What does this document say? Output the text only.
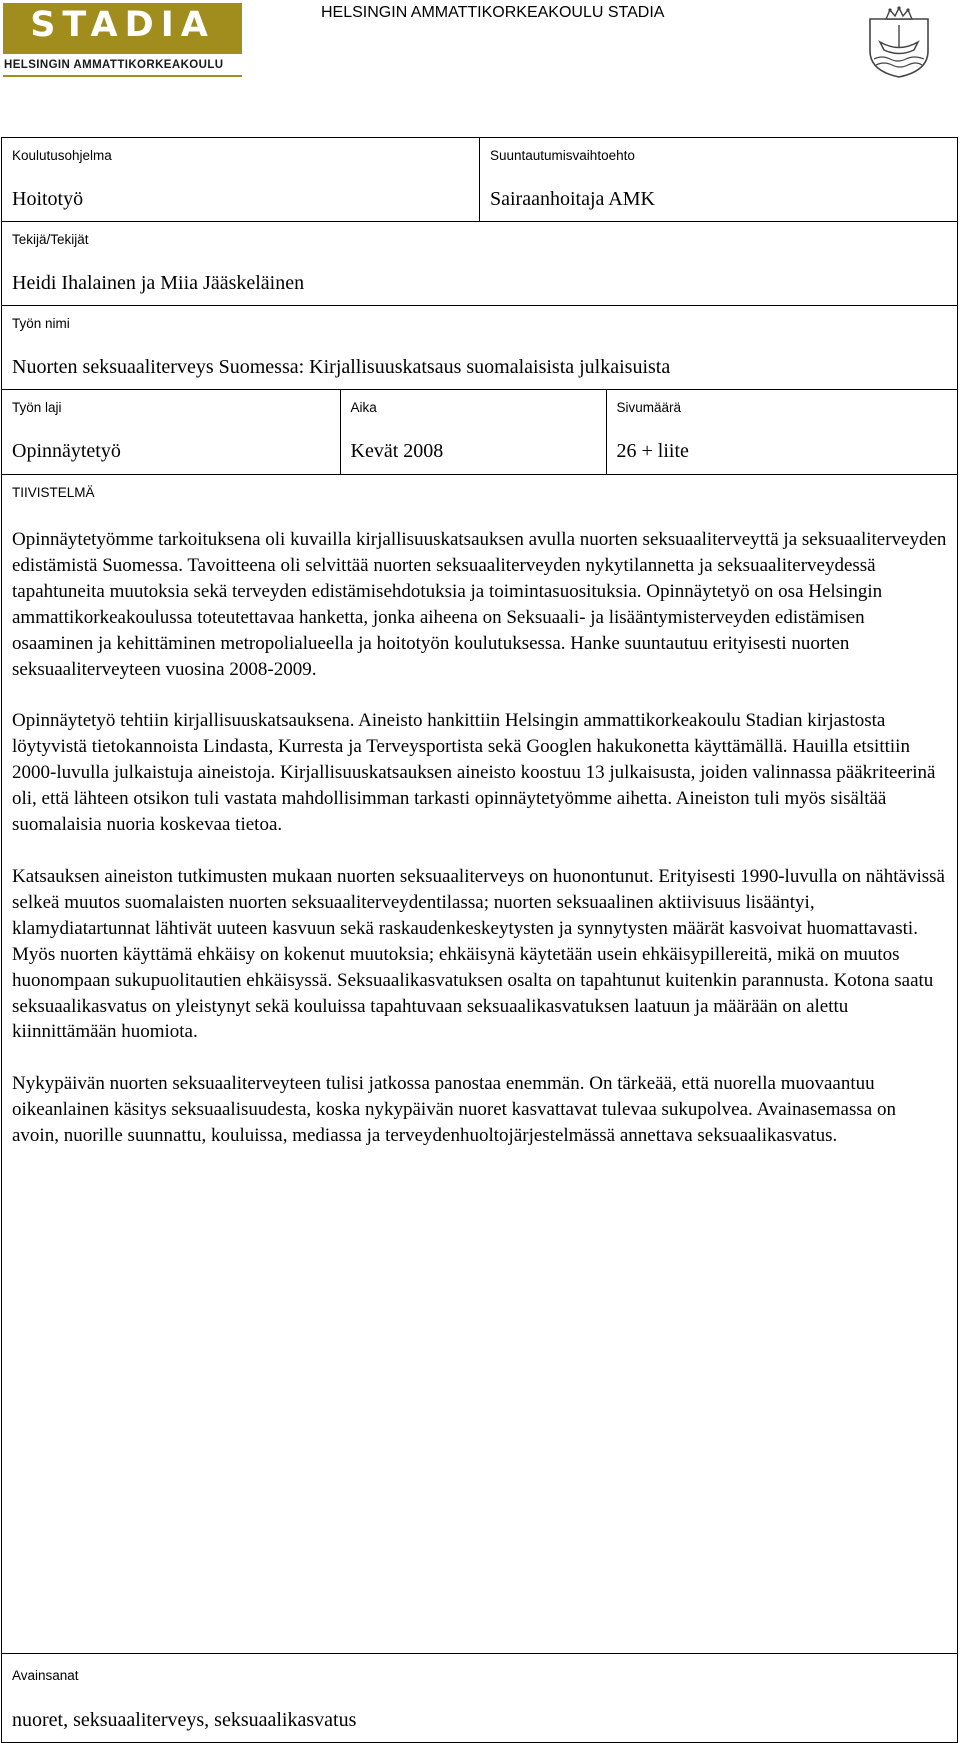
STADIA
HELSINGIN AMMATTIKORKEAKOULU
HELSINGIN AMMATTIKORKEAKOULU STADIA
Koulutusohjelma
Hoitotyö

Suuntautumisvaihtoehto
Sairaanhoitaja AMK

Tekijä/Tekijät
Heidi Ihalainen ja Miia Jääskeläinen

Työn nimi
Nuorten seksuaaliterveys Suomessa: Kirjallisuuskatsaus suomalaisista julkaisuista

Työn laji
Opinnäytetyö

Aika
Kevät 2008

Sivumäärä
26 + liite

TIIVISTELMÄ

Opinnäytetyömme tarkoituksena oli kuvailla kirjallisuuskatsauksen avulla nuorten seksuaaliterveyttä ja seksuaaliterveyden edistämistä Suomessa. Tavoitteena oli selvittää nuorten seksuaaliterveyden nykytilannetta ja seksuaaliterveydessä tapahtuneita muutoksia sekä terveyden edistämisehdotuksia ja toimintasuosituksia. Opinnäytetyö on osa Helsingin ammattikorkeakoulussa toteutettavaa hanketta, jonka aiheena on Seksuaali- ja lisääntymisterveyden edistämisen osaaminen ja kehittäminen metropolialueella ja hoitotyön koulutuksessa. Hanke suuntautuu erityisesti nuorten seksuaaliterveyteen vuosina 2008-2009.

Opinnäytetyö tehtiin kirjallisuuskatsauksena. Aineisto hankittiin Helsingin ammattikorkeakoulu Stadian kirjastosta löytyvistä tietokannoista Lindasta, Kurresta ja Terveysportista sekä Googlen hakukonetta käyttämällä. Hauilla etsittiin 2000-luvulla julkaistuja aineistoja. Kirjallisuuskatsauksen aineisto koostuu 13 julkaisusta, joiden valinnassa pääkriteerinä oli, että lähteen otsikon tuli vastata mahdollisimman tarkasti opinnäytetyömme aihetta. Aineiston tuli myös sisältää suomalaisia nuoria koskevaa tietoa.

Katsauksen aineiston tutkimusten mukaan nuorten seksuaaliterveys on huonontunut. Erityisesti 1990-luvulla on nähtävissä selkeä muutos suomalaisten nuorten seksuaaliterveydentilassa; nuorten seksuaalinen aktiivisuus lisääntyi, klamydiatartunnat lähtivät uuteen kasvuun sekä raskaudenkeskeytysten ja synnytysten määrät kasvoivat huomattavasti. Myös nuorten käyttämä ehkäisy on kokenut muutoksia; ehkäisynä käytetään usein ehkäisypillereitä, mikä on muutos huonompaan sukupuolitautien ehkäisyssä. Seksuaalikasvatuksen osalta on tapahtunut kuitenkin parannusta. Kotona saatu seksuaalikasvatus on yleistynyt sekä kouluissa tapahtuvaan seksuaalikasvatuksen laatuun ja määrään on alettu kiinnittämään huomiota.

Nykypäivän nuorten seksuaaliterveyteen tulisi jatkossa panostaa enemmän. On tärkeää, että nuorella muovaantuu oikeanlainen käsitys seksuaalisuudesta, koska nykypäivän nuoret kasvattavat tulevaa sukupolvea. Avainasemassa on avoin, nuorille suunnattu, kouluissa, mediassa ja terveydenhuoltojärjestelmässä annettava seksuaalikasvatus.

Avainsanat
nuoret, seksuaaliterveys, seksuaalikasvatus
